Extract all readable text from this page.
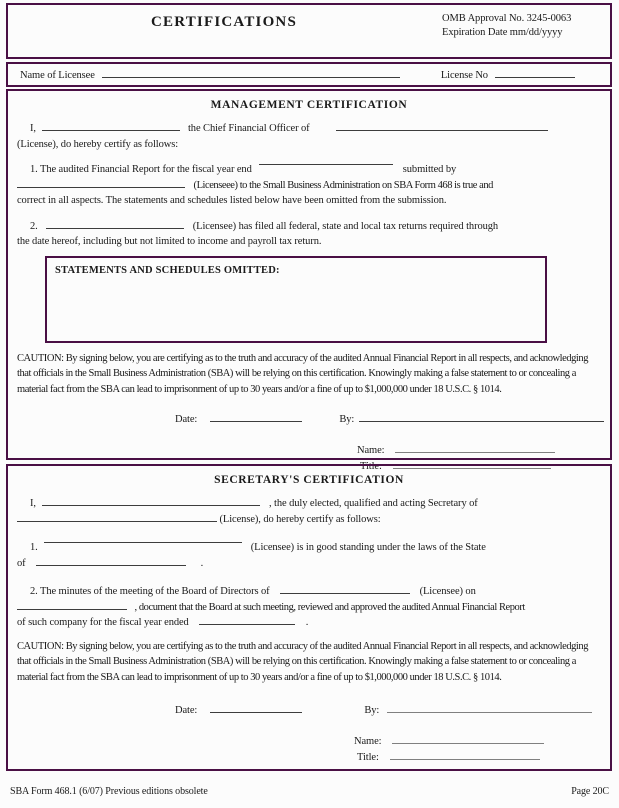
CERTIFICATIONS	OMB Approval No. 3245-0063
Expiration Date mm/dd/yyyy
Name of Licensee	License No
MANAGEMENT CERTIFICATION
I,	the Chief Financial Officer of
(License), do hereby certify as follows:
1. The audited Financial Report for the fiscal year end	submitted by
(Licenseee) to the Small Business Administration on SBA Form 468 is true and
correct in all aspects. The statements and schedules listed below have been omitted from the submission.
2.	(Licensee) has filed all federal, state and local tax returns required through
the date hereof, including but not limited to income and payroll tax return.
STATEMENTS AND SCHEDULES OMITTED:
CAUTION: By signing below, you are certifying as to the truth and accuracy of the audited Annual Financial Report in all respects, and acknowledging that officials in the Small Business Administration (SBA) will be relying on this certification. Knowingly making a false statement to or concealing a material fact from the SBA can lead to imprisonment of up to 30 years and/or a fine of up to $1,000,000 under 18 U.S.C. § 1014.
Date:	By:
Name:
Title:
SECRETARY'S CERTIFICATION
I,	, the duly elected, qualified and acting Secretary of
(License), do hereby certify as follows:
1.	(Licensee) is in good standing under the laws of the State
of	.
2. The minutes of the meeting of the Board of Directors of	(Licensee) on
, document that the Board at such meeting, reviewed and approved the audited Annual Financial Report
of such company for the fiscal year ended	.
CAUTION: By signing below, you are certifying as to the truth and accuracy of the audited Annual Financial Report in all respects, and acknowledging that officials in the Small Business Administration (SBA) will be relying on this certification. Knowingly making a false statement to or concealing a material fact from the SBA can lead to imprisonment of up to 30 years and/or a fine of up to $1,000,000 under 18 U.S.C. § 1014.
Date:	By:
Name:
Title:
Page 20C
SBA Form 468.1 (6/07) Previous editions obsolete
